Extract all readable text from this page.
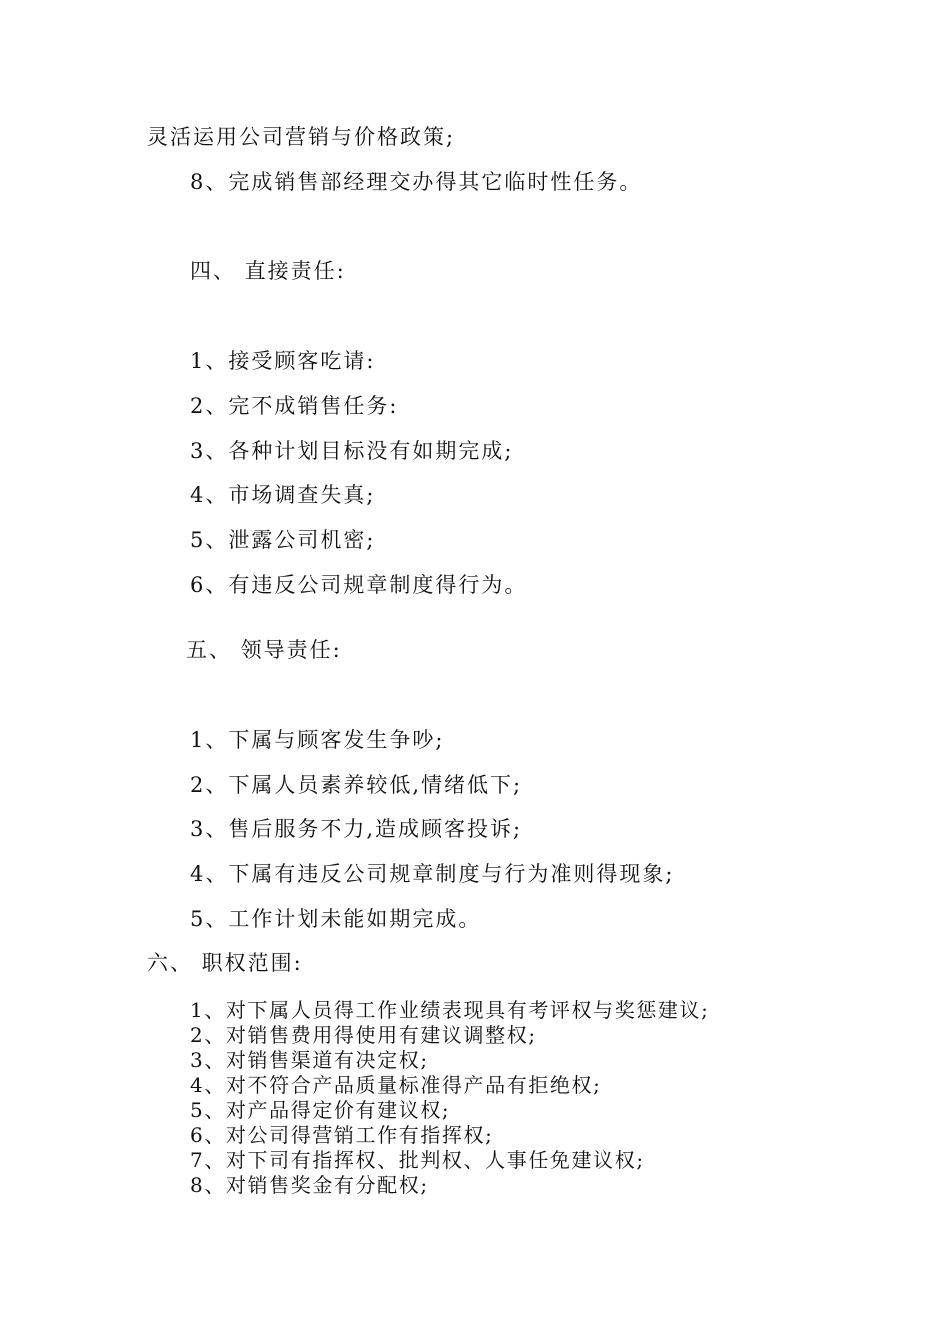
灵活运用公司营销与价格政策;
8、完成销售部经理交办得其它临时性任务。
四、 直接责任:
1、接受顾客吃请:
2、完不成销售任务:
3、各种计划目标没有如期完成;
4、市场调查失真;
5、泄露公司机密;
6、有违反公司规章制度得行为。
五、 领导责任:
1、下属与顾客发生争吵;
2、下属人员素养较低,情绪低下;
3、售后服务不力,造成顾客投诉;
4、下属有违反公司规章制度与行为准则得现象;
5、工作计划未能如期完成。
六、 职权范围:
1、对下属人员得工作业绩表现具有考评权与奖惩建议;
2、对销售费用得使用有建议调整权;
3、对销售渠道有决定权;
4、对不符合产品质量标准得产品有拒绝权;
5、对产品得定价有建议权;
6、对公司得营销工作有指挥权;
7、对下司有指挥权、批判权、人事任免建议权;
8、对销售奖金有分配权;
